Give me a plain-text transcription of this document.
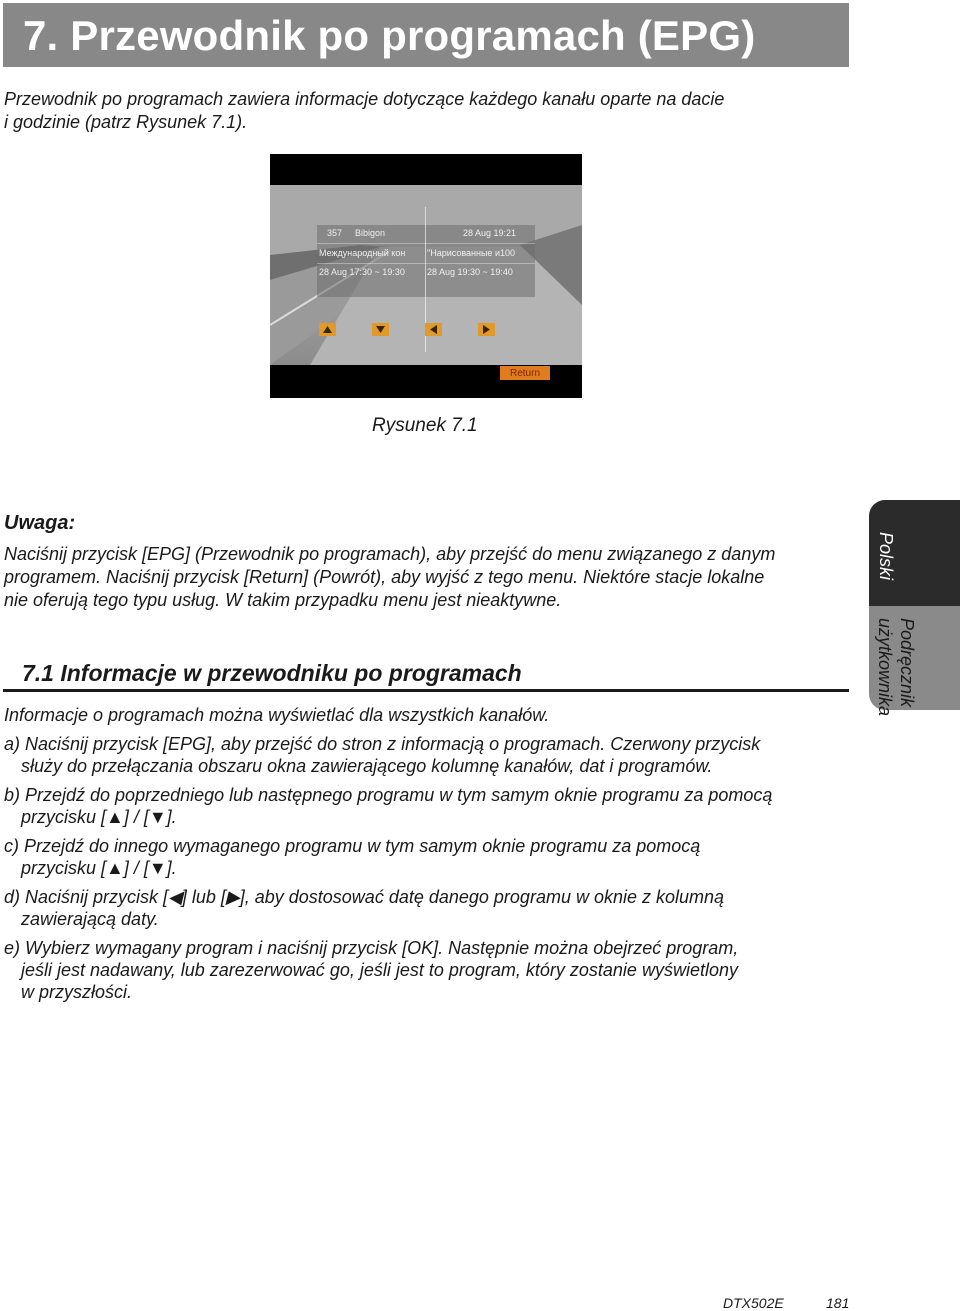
7. Przewodnik po programach (EPG)
Przewodnik po programach zawiera informacje dotyczące każdego kanału oparte na dacie
i godzinie (patrz Rysunek 7.1).
357 Bibigon	28 Aug 19:21
Международный кон "Нарисованные и100
28 Aug 17:30 ~ 19:30 28 Aug 19:30 ~ 19:40
Return
Rysunek 7.1
Uwaga:
Naciśnij przycisk [EPG] (Przewodnik po programach), aby przejść do menu związanego z danym
programem. Naciśnij przycisk [Return] (Powrót), aby wyjść z tego menu. Niektóre stacje lokalne
nie oferują tego typu usług. W takim przypadku menu jest nieaktywne.
7.1 Informacje w przewodniku po programach
Informacje o programach można wyświetlać dla wszystkich kanałów.
a) Naciśnij przycisk [EPG], aby przejść do stron z informacją o programach. Czerwony przycisk
służy do przełączania obszaru okna zawierającego kolumnę kanałów, dat i programów.
b) Przejdź do poprzedniego lub następnego programu w tym samym oknie programu za pomocą
przycisku [▲] / [▼].
c) Przejdź do innego wymaganego programu w tym samym oknie programu za pomocą
przycisku [▲] / [▼].
d) Naciśnij przycisk [◀] lub [▶], aby dostosować datę danego programu w oknie z kolumną
zawierającą daty.
e) Wybierz wymagany program i naciśnij przycisk [OK]. Następnie można obejrzeć program,
jeśli jest nadawany, lub zarezerwować go, jeśli jest to program, który zostanie wyświetlony
w przyszłości.
Polski
Podręcznik
użytkownika
DTX502E	181
